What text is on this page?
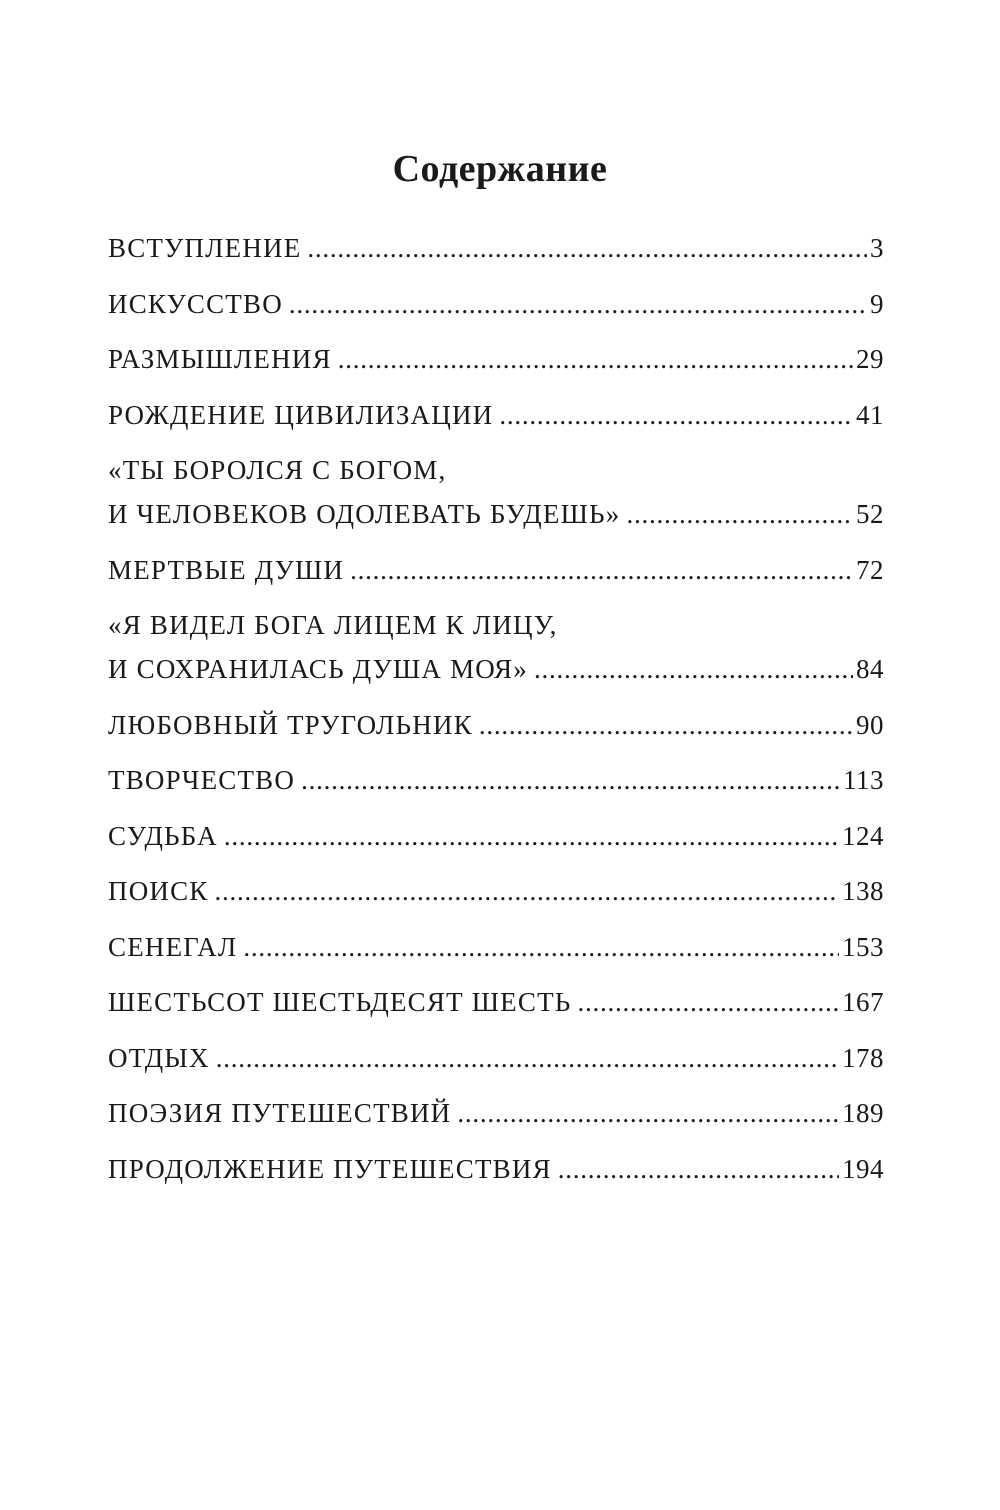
Содержание
ВСТУПЛЕНИЕ . . .	3
ИСКУССТВО . . .	9
РАЗМЫШЛЕНИЯ . . .	29
РОЖДЕНИЕ ЦИВИЛИЗАЦИИ . . .	41
«ТЫ БОРОЛСЯ С БОГОМ,
И ЧЕЛОВЕКОВ ОДОЛЕВАТЬ БУДЕШЬ» . . .	52
МЕРТВЫЕ ДУШИ . . .	72
«Я ВИДЕЛ БОГА ЛИЦЕМ К ЛИЦУ,
И СОХРАНИЛАСЬ ДУША МОЯ» . . .	84
ЛЮБОВНЫЙ ТРУГОЛЬНИК . . .	90
ТВОРЧЕСТВО . . .	113
СУДЬБА . . .	124
ПОИСК . . .	138
СЕНЕГАЛ . . .	153
ШЕСТЬСОТ ШЕСТЬДЕСЯТ ШЕСТЬ . . .	167
ОТДЫХ . . .	178
ПОЭЗИЯ ПУТЕШЕСТВИЙ . . .	189
ПРОДОЛЖЕНИЕ ПУТЕШЕСТВИЯ . . .	194
